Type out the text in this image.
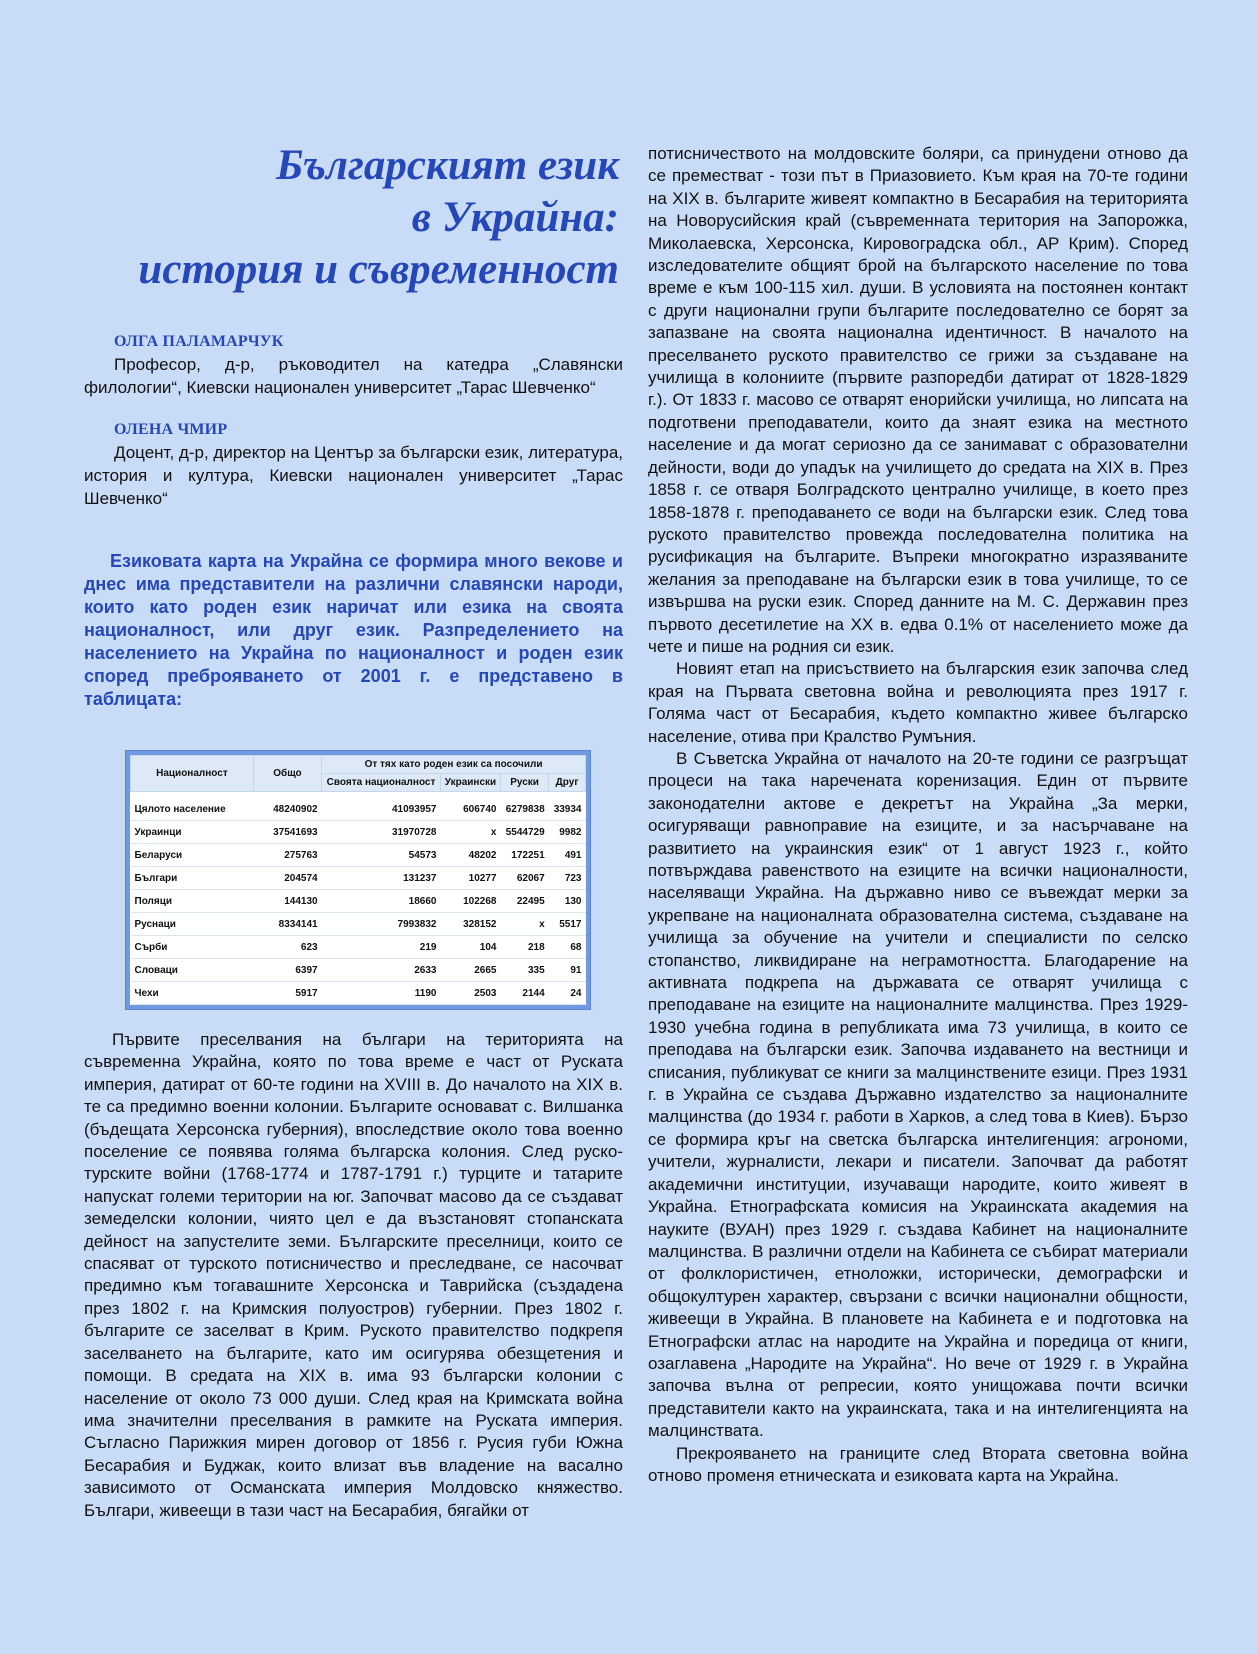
Българският език
в Украйна:
история и съвременност
ОЛГА ПАЛАМАРЧУК

Професор, д-р, ръководител на катедра „Славянски филологии“, Киевски национален университет „Тарас Шевченко“

ОЛЕНА ЧМИР

Доцент, д-р, директор на Център за български език, литература, история и култура, Киевски национален университет „Тарас Шевченко“

Езиковата карта на Украйна се формира много векове и днес има представители на различни славянски народи, които като роден език наричат или езика на своята националност, или друг език. Разпределението на населението на Украйна по националност и роден език според преброяването от 2001 г. е представено в таблицата:

Националност	Общо	От тях като роден език са посочили			
		Своята националност	Украински	Руски	Друг

Цялото население	48240902	41093957	606740	6279838	33934
Украинци	37541693	31970728	x	5544729	9982
Беларуси	275763	54573	48202	172251	491
Българи	204574	131237	10277	62067	723
Поляци	144130	18660	102268	22495	130
Руснаци	8334141	7993832	328152	x	5517
Сърби	623	219	104	218	68
Словаци	6397	2633	2665	335	91
Чехи	5917	1190	2503	2144	24

Първите преселвания на българи на територията на съвременна Украйна, която по това време е част от Руската империя, датират от 60-те години на XVIII в. До началото на XIX в. те са предимно военни колонии. Българите основават с. Вилшанка (бъдещата Херсонска губерния), впоследствие около това военно поселение се появява голяма българска колония. След руско-турските войни (1768-1774 и 1787-1791 г.) турците и татарите напускат големи територии на юг. Започват масово да се създават земеделски колонии, чиято цел е да възстановят стопанската дейност на запустелите земи. Българските преселници, които се спасяват от турското потисничество и преследване, се насочват предимно към тогавашните Херсонска и Таврийска (създадена през 1802 г. на Кримския полуостров) губернии. През 1802 г. българите се заселват в Крим. Руското правителство подкрепя заселването на българите, като им осигурява обезщетения и помощи. В средата на XIX в. има 93 български колонии с население от около 73 000 души. След края на Кримската война има значителни преселвания в рамките на Руската империя. Съгласно Парижкия мирен договор от 1856 г. Русия губи Южна Бесарабия и Буджак, които влизат във владение на васално зависимото от Османската империя Молдовско княжество. Българи, живеещи в тази част на Бесарабия, бягайки от

потисничеството на молдовските боляри, са принудени отново да се преместват - този път в Приазовието. Към края на 70-те години на XIX в. българите живеят компактно в Бесарабия на територията на Новорусийския край (съвременната територия на Запорожка, Миколаевска, Херсонска, Кировоградска обл., АР Крим). Според изследователите общият брой на българското население по това време е към 100-115 хил. души. В условията на постоянен контакт с други национални групи българите последователно се борят за запазване на своята национална идентичност. В началото на преселването руското правителство се грижи за създаване на училища в колониите (първите разпоредби датират от 1828-1829 г.). От 1833 г. масово се отварят енорийски училища, но липсата на подготвени преподаватели, които да знаят езика на местното население и да могат сериозно да се занимават с образователни дейности, води до упадък на училището до средата на XIX в. През 1858 г. се отваря Болградското централно училище, в което през 1858-1878 г. преподаването се води на български език. След това руското правителство провежда последователна политика на русификация на българите. Въпреки многократно изразяваните желания за преподаване на български език в това училище, то се извършва на руски език. Според данните на М. С. Державин през първото десетилетие на XX в. едва 0.1% от населението може да чете и пише на родния си език.

Новият етап на присъствието на българския език започва след края на Първата световна война и революцията през 1917 г. Голяма част от Бесарабия, където компактно живее българско население, отива при Кралство Румъния.

В Съветска Украйна от началото на 20-те години се разгръщат процеси на така наречената коренизация. Един от първите законодателни актове е декретът на Украйна „За мерки, осигуряващи равноправие на езиците, и за насърчаване на развитието на украинския език“ от 1 август 1923 г., който потвърждава равенството на езиците на всички националности, населяващи Украйна. На държавно ниво се въвеждат мерки за укрепване на националната образователна система, създаване на училища за обучение на учители и специалисти по селско стопанство, ликвидиране на неграмотността. Благодарение на активната подкрепа на държавата се отварят училища с преподаване на езиците на националните малцинства. През 1929-1930 учебна година в републиката има 73 училища, в които се преподава на български език. Започва издаването на вестници и списания, публикуват се книги за малцинствените езици. През 1931 г. в Украйна се създава Държавно издателство за националните малцинства (до 1934 г. работи в Харков, а след това в Киев). Бързо се формира кръг на светска българска интелигенция: агрономи, учители, журналисти, лекари и писатели. Започват да работят академични институции, изучаващи народите, които живеят в Украйна. Етнографската комисия на Украинската академия на науките (ВУАН) през 1929 г. създава Кабинет на националните малцинства. В различни отдели на Кабинета се събират материали от фолклористичен, етноложки, исторически, демографски и общокултурен характер, свързани с всички национални общности, живеещи в Украйна. В плановете на Кабинета е и подготовка на Етнографски атлас на народите на Украйна и поредица от книги, озаглавена „Народите на Украйна“. Но вече от 1929 г. в Украйна започва вълна от репресии, която унищожава почти всички представители както на украинската, така и на интелигенцията на малцинствата.

Прекрояването на границите след Втората световна война отново променя етническата и езиковата карта на Украйна.
